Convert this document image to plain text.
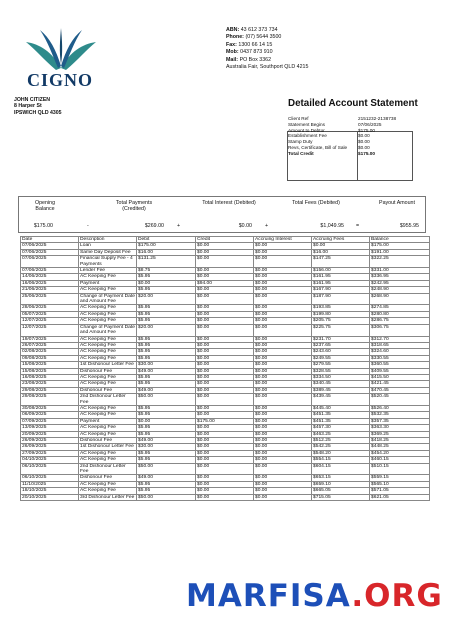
CIGNO
ABN: 43 612 373 734
Phone: (07) 5644 3500
Fax: 1300 66 14 15
Mob: 0437 873 910
Mail: PO Box 3362
Australia Fair, Southport QLD 4215
JOHN CITIZEN
8 Harper St
IPSWICH QLD 4305
Detailed Account Statement
Client Ref	2151232-2138738
Statement Begins	07/06/2025
Amount to Debtor	$175.00
Establishment Fee	$0.00
Stamp Duty	$0.00
Revs, Certificate, Bill of Sale	$0.00
Total Credit	$175.00
Opening Balance
Total Payments (Credited)
Total Interest (Debited)	Total Fees (Debited)	Payout Amount
$175.00	$269.00	$0.00	$1,049.95	$955.95
-	+	+	=
Date	Description	Debit	Credit	Accruing Interest	Accruing Fees	Balance
07/06/2025	Loan	$175.00	$0.00	$0.00	$0.00	$175.00
07/06/2025	Same Day Deposit Fee	$16.00	$0.00	$0.00	$16.00	$191.00
07/06/2025	Financial Supply Fee - 4 Payments	$131.25	$0.00	$0.00	$147.25	$322.25
07/06/2025	Lender Fee	$8.75	$0.00	$0.00	$156.00	$331.00
14/06/2025	AC Keeping Fee	$5.95	$0.00	$0.00	$161.95	$336.95
16/06/2025	Payment	$0.00	$94.00	$0.00	$161.95	$242.95
21/06/2025	AC Keeping Fee	$5.95	$0.00	$0.00	$167.90	$248.90
25/06/2025	Change of Payment Date and Amount Fee	$20.00	$0.00	$0.00	$187.90	$268.90
28/06/2025	AC Keeping Fee	$5.95	$0.00	$0.00	$193.85	$274.85
05/07/2025	AC Keeping Fee	$5.95	$0.00	$0.00	$199.80	$280.80
12/07/2025	AC Keeping Fee	$5.95	$0.00	$0.00	$205.75	$286.75
12/07/2025	Change of Payment Date and Amount Fee	$20.00	$0.00	$0.00	$225.75	$306.75
19/07/2025	AC Keeping Fee	$5.95	$0.00	$0.00	$231.70	$312.70
26/07/2025	AC Keeping Fee	$5.95	$0.00	$0.00	$237.65	$318.65
02/08/2025	AC Keeping Fee	$5.95	$0.00	$0.00	$243.60	$324.60
09/08/2025	AC Keeping Fee	$5.95	$0.00	$0.00	$249.55	$330.55
15/08/2025	1st Dishonour Letter Fee	$30.00	$0.00	$0.00	$279.55	$360.55
15/08/2025	Dishonour Fee	$49.00	$0.00	$0.00	$328.55	$409.55
16/08/2025	AC Keeping Fee	$5.95	$0.00	$0.00	$334.50	$415.50
23/08/2025	AC Keeping Fee	$5.95	$0.00	$0.00	$340.45	$421.45
29/08/2025	Dishonour Fee	$49.00	$0.00	$0.00	$389.45	$470.45
29/08/2025	2nd Dishonour Letter Fee	$50.00	$0.00	$0.00	$439.45	$520.45
30/08/2025	AC Keeping Fee	$5.95	$0.00	$0.00	$445.40	$526.40
06/09/2025	AC Keeping Fee	$5.95	$0.00	$0.00	$451.35	$532.35
07/09/2025	Payment	$0.00	$175.00	$0.00	$451.35	$357.35
13/09/2025	AC Keeping Fee	$5.95	$0.00	$0.00	$457.30	$363.30
20/09/2025	AC Keeping Fee	$5.95	$0.00	$0.00	$463.25	$369.25
26/09/2025	Dishonour Fee	$49.00	$0.00	$0.00	$512.25	$418.25
26/09/2025	1st Dishonour Letter Fee	$30.00	$0.00	$0.00	$542.25	$448.25
27/09/2025	AC Keeping Fee	$5.95	$0.00	$0.00	$548.20	$454.20
04/10/2025	AC Keeping Fee	$5.95	$0.00	$0.00	$554.15	$460.15
06/10/2025	2nd Dishonour Letter Fee	$50.00	$0.00	$0.00	$604.15	$510.15
06/10/2025	Dishonour Fee	$49.00	$0.00	$0.00	$653.15	$559.15
11/10/2025	AC Keeping Fee	$5.95	$0.00	$0.00	$659.10	$565.10
18/10/2025	AC Keeping Fee	$5.95	$0.00	$0.00	$665.05	$571.05
20/10/2025	3rd Dishonour Letter Fee	$50.00	$0.00	$0.00	$715.05	$621.05
MARFISA.ORG
